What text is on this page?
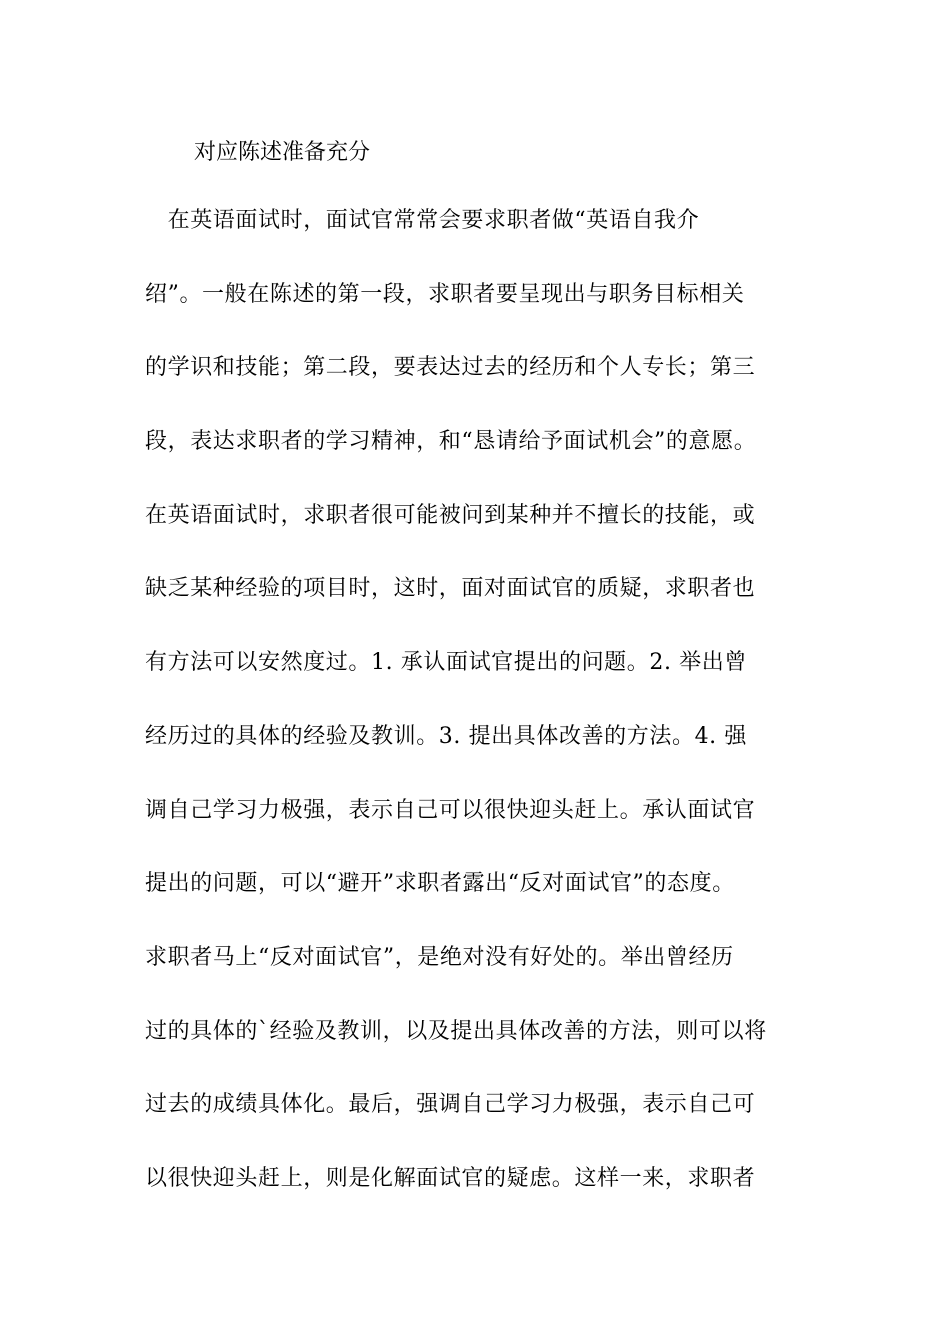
对应陈述准备充分
　在英语面试时，面试官常常会要求职者做“英语自我介
绍”。一般在陈述的第一段，求职者要呈现出与职务目标相关
的学识和技能；第二段，要表达过去的经历和个人专长；第三
段，表达求职者的学习精神，和“恳请给予面试机会”的意愿。
在英语面试时，求职者很可能被问到某种并不擅长的技能，或
缺乏某种经验的项目时，这时，面对面试官的质疑，求职者也
有方法可以安然度过。1. 承认面试官提出的问题。2. 举出曾
经历过的具体的经验及教训。3. 提出具体改善的方法。4. 强
调自己学习力极强，表示自己可以很快迎头赶上。承认面试官
提出的问题，可以“避开”求职者露出“反对面试官”的态度。
求职者马上“反对面试官”，是绝对没有好处的。举出曾经历
过的具体的`经验及教训，以及提出具体改善的方法，则可以将
过去的成绩具体化。最后，强调自己学习力极强，表示自己可
以很快迎头赶上，则是化解面试官的疑虑。这样一来，求职者
